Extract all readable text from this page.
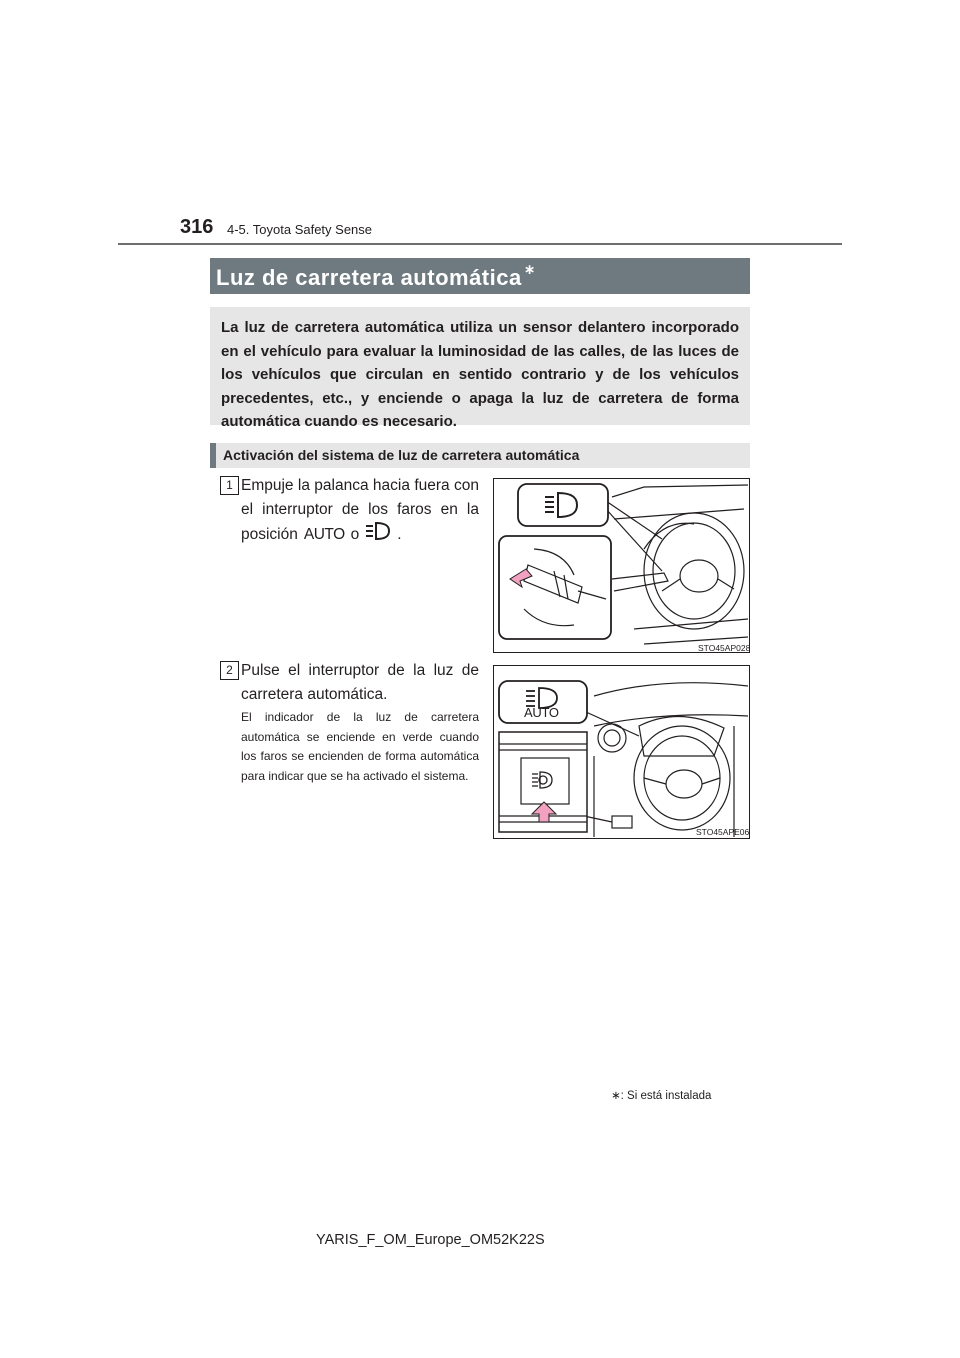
316 4-5. Toyota Safety Sense
Luz de carretera automática ∗
La luz de carretera automática utiliza un sensor delantero incorporado en el vehículo para evaluar la luminosidad de las calles, de las luces de los vehículos que circulan en sentido contrario y de los vehículos precedentes, etc., y enciende o apaga la luz de carretera de forma automática cuando es necesario.
Activación del sistema de luz de carretera automática
1 Empuje la palanca hacia fuera con el interruptor de los faros en la posición AUTO o .
STO45AP028
2 Pulse el interruptor de la luz de carretera automática.
El indicador de la luz de carretera automática se enciende en verde cuando los faros se encienden de forma automática para indicar que se ha activado el sistema.
AUTO
STO45APE06
∗: Si está instalada
YARIS_F_OM_Europe_OM52K22S
